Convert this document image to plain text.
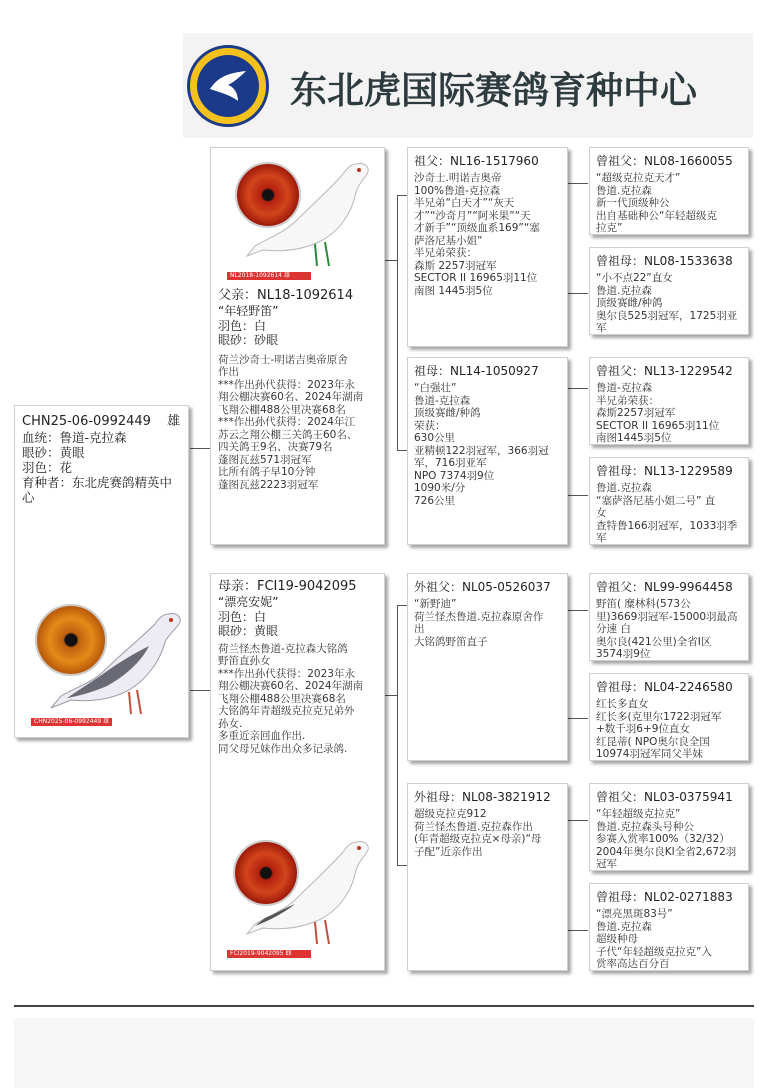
东北虎国际赛鸽育种中心
CHN25-06-0992449 雄
血统：鲁道-克拉森
眼砂：黄眼
羽色：花
育种者：东北虎赛鸽精英中心
CHN2025-06-0992449 雄
NL2018-1092614 雄
父亲：NL18-1092614
“年轻野笛”
羽色：白
眼砂：砂眼
荷兰沙奇士-明诺吉奥帝原舍
作出
***作出孙代获得：2023年永
翔公棚决赛60名、2024年湖南
飞翔公棚488公里决赛68名
***作出孙代获得：2024年江
苏云之翔公棚三关鸽王60名、
四关鸽王9名、决赛79名
蓬图瓦兹571羽冠军
比所有鸽子早10分钟
蓬图瓦兹2223羽冠军
母亲：FCI19-9042095
“漂亮安妮”
羽色：白
眼砂：黄眼
荷兰怪杰鲁道-克拉森大铭鸽
野笛直孙女
***作出孙代获得：2023年永
翔公棚决赛60名、2024年湖南
飞翔公棚488公里决赛68名
大铭鸽年青超级克拉克兄弟外
孙女.
多重近亲回血作出.
同父母兄妹作出众多记录鸽.
FCI2019-9042095 雌
祖父：NL16-1517960
沙奇士.明诺吉奥帝
100%鲁道-克拉森
半兄弟“白天才”“灰天
才”“沙奇月”“阿米果”“天
才新手”“顶级血系169”“塞
萨洛尼基小姐”
半兄弟荣获：
森斯 2257羽冠军
SECTOR II 16965羽11位
南图 1445羽5位
祖母：NL14-1050927
“白强壮”
鲁道-克拉森
顶级赛雌/种鸽
荣获：
630公里
亚精顿122羽冠军，366羽冠
军，716羽亚军
NPO 7374羽9位
1090米/分
726公里
外祖父：NL05-0526037
“新野迪”
荷兰怪杰鲁道.克拉森原舍作
出
大铭鸽野笛直子
外祖母：NL08-3821912
超级克拉克912
荷兰怪杰鲁道.克拉森作出
(年青超级克拉克×母亲)“母
子配”近亲作出
曾祖父：NL08-1660055
“超级克拉克天才”
鲁道.克拉森
新一代顶级种公
出自基础种公“年轻超级克
拉克”
曾祖母：NL08-1533638
“小不点22”直女
鲁道.克拉森
顶级赛雌/种鸽
奥尔良525羽冠军，1725羽亚
军
曾祖父：NL13-1229542
鲁道-克拉森
半兄弟荣获：
森斯2257羽冠军
SECTOR II 16965羽11位
南图1445羽5位
曾祖母：NL13-1229589
鲁道.克拉森
“塞萨洛尼基小姐二号” 直
女
查特鲁166羽冠军，1033羽季
军
曾祖父：NL99-9964458
野笛( 糜林科(573公
里)3669羽冠军-15000羽最高
分速 白
奥尔良(421公里)全省I区
3574羽9位
曾祖母：NL04-2246580
红长多直女
红长多(克里尔1722羽冠军
+数千羽6+9位直女
红昆蒂( NPO奥尔良全国
10974羽冠军同父半妹
曾祖父：NL03-0375941
“年轻超级克拉克”
鲁道.克拉森头号种公
参赛入赏率100%（32/32）
2004年奥尔良KI全省2,672羽
冠军
曾祖母：NL02-0271883
“漂亮黑斑83号”
鲁道.克拉森
超级种母
子代“年轻超级克拉克”入
赏率高达百分百
